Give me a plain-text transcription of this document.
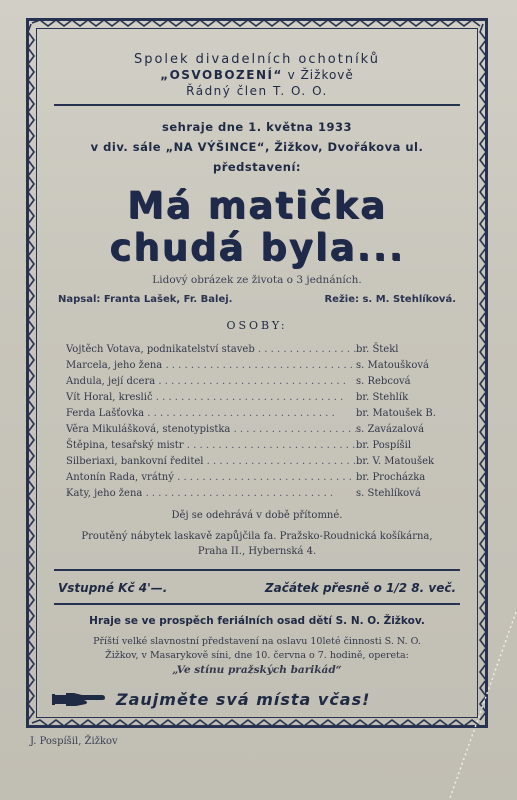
Spolek divadelních ochotníků
„OSVOBOZENÍ“ v Žižkově
Řádný člen T. O. O.
sehraje dne 1. května 1933
v div. sále „NA VÝŠINCE“, Žižkov, Dvořákova ul.
představení:
Má matička
chudá byla...
Lidový obrázek ze života o 3 jednáních.
Napsal: Franta Lašek, Fr. Balej.	Režie: s. M. Stehlíková.
OSOBY:
Vojtěch Votava, podnikatelství staveb . . .	br. Štekl
Marcela, jeho žena . . .	s. Matoušková
Andula, její dcera . . .	s. Rebcová
Vít Horal, kreslič . . .	br. Stehlík
Ferda Lašťovka . . .	br. Matoušek B.
Věra Mikulášková, stenotypistka . . .	s. Zavázalová
Štěpina, tesařský mistr . . .	br. Pospíšil
Silberiaxi, bankovní ředitel . . .	br. V. Matoušek
Antonín Rada, vrátný . . .	br. Procházka
Katy, jeho žena . . .	s. Stehlíková
Děj se odehrává v době přítomné.
Proutěný nábytek laskavě zapůjčila fa. Pražsko-Roudnická košíkárna,
Praha II., Hybernská 4.
Vstupné Kč 4'—.	Začátek přesně o 1/2 8. več.
Hraje se ve prospěch feriálních osad dětí S. N. O. Žižkov.
Příští velké slavnostní představení na oslavu 10leté činnosti S. N. O.
Žižkov, v Masarykově síni, dne 10. června o 7. hodině, opereta:
„Ve stínu pražských barikád“
Zaujměte svá místa včas!
J. Pospíšil, Žižkov
